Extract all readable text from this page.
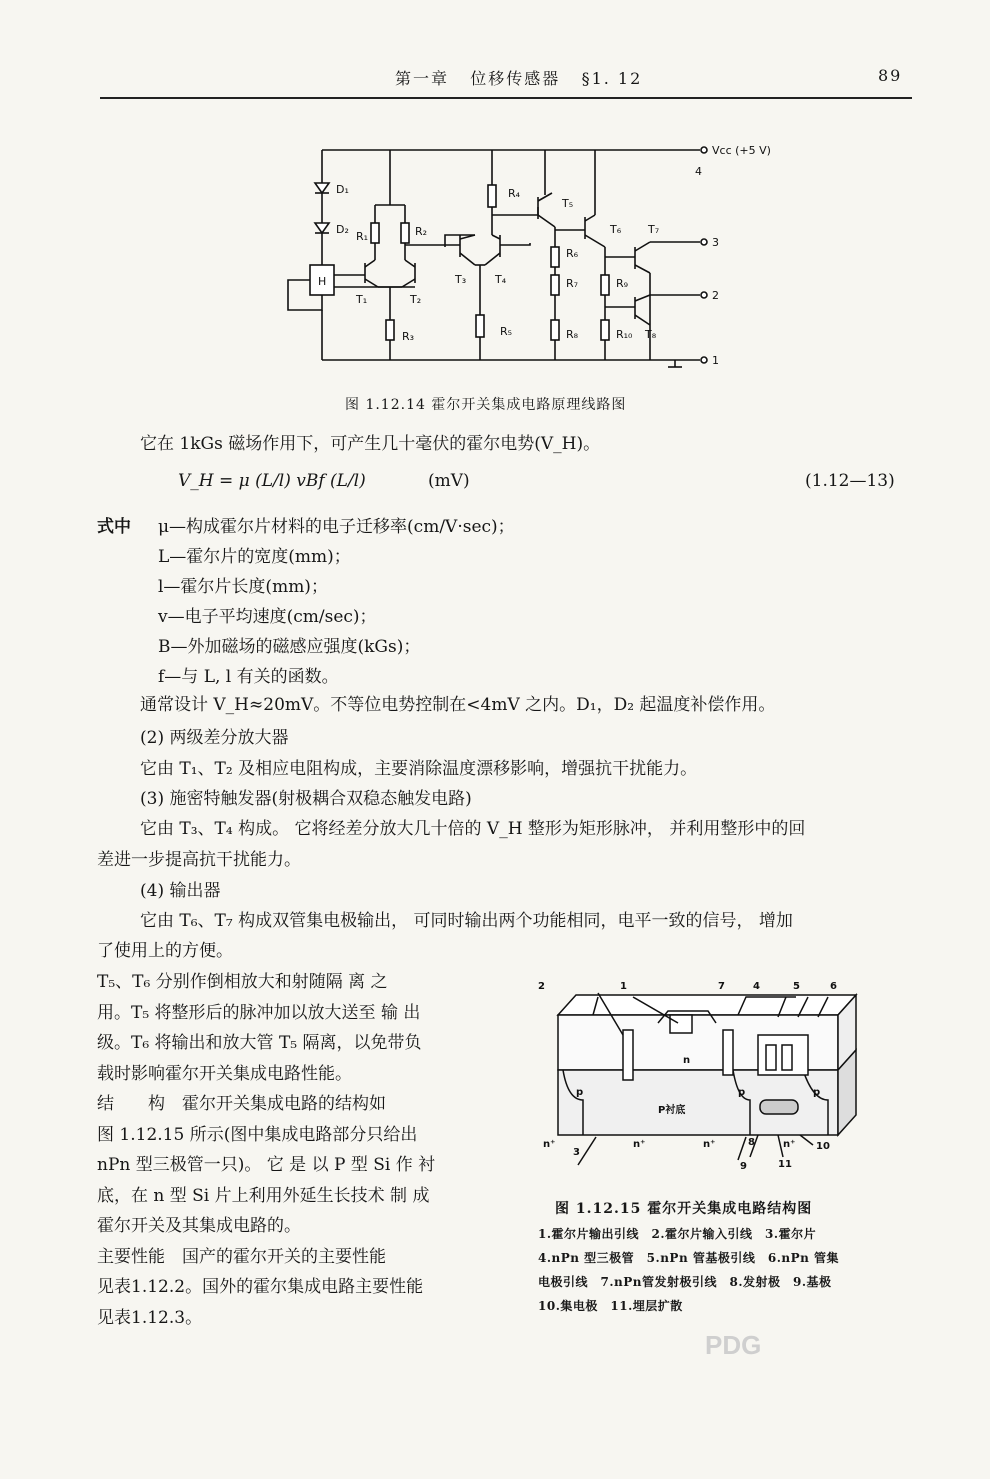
第一章 位移传感器 §1. 12	89
Vcc (+5 V)
4
3
2
1
D₁
D₂
H
R₁	R₂
R₃
R₄
R₅
R₆
R₇
R₈
R₉
R₁₀
T₁	T₂
T₃	T₄
T₅
T₆ T₇
T₈
图 1.12.14 霍尔开关集成电路原理线路图
它在 1kGs 磁场作用下，可产生几十毫伏的霍尔电势(V_H)。
V_H = μ (L/l) vBf (L/l)	(mV)	(1.12—13)
式中 μ—构成霍尔片材料的电子迁移率(cm/V·sec)；
L—霍尔片的宽度(mm)；
l—霍尔片长度(mm)；
v—电子平均速度(cm/sec)；
B—外加磁场的磁感应强度(kGs)；
f—与 L, l 有关的函数。
通常设计 V_H≈20mV。不等位电势控制在<4mV 之内。D₁，D₂ 起温度补偿作用。
(2) 两级差分放大器
它由 T₁、T₂ 及相应电阻构成，主要消除温度漂移影响，增强抗干扰能力。
(3) 施密特触发器(射极耦合双稳态触发电路)
它由 T₃、T₄ 构成。 它将经差分放大几十倍的 V_H 整形为矩形脉冲， 并利用整形中的回
差进一步提高抗干扰能力。
(4) 输出器
它由 T₆、T₇ 构成双管集电极输出， 可同时输出两个功能相同，电平一致的信号， 增加
了使用上的方便。
T₅、T₆ 分别作倒相放大和射随隔 离 之
用。T₅ 将整形后的脉冲加以放大送至 输 出
级。T₆ 将输出和放大管 T₅ 隔离，以免带负
载时影响霍尔开关集成电路性能。
结　　构　霍尔开关集成电路的结构如
图 1.12.15 所示(图中集成电路部分只给出
nPn 型三极管一只)。 它 是 以 P 型 Si 作 衬
底，在 n 型 Si 片上利用外延生长技术 制 成
霍尔开关及其集成电路的。
主要性能　国产的霍尔开关的主要性能
见表1.12.2。国外的霍尔集成电路主要性能
见表1.12.3。
2	1	7	4	5	6
p	p	p
n
P衬底
n⁺	n⁺	n⁺	n⁺
3
8
9
10
11
图 1.12.15 霍尔开关集成电路结构图
1.霍尔片输出引线　2.霍尔片输入引线　3.霍尔片
4.nPn 型三极管　5.nPn 管基极引线　6.nPn 管集
电极引线　7.nPn管发射极引线　8.发射极　9.基极
10.集电极　11.埋层扩散
PDG
